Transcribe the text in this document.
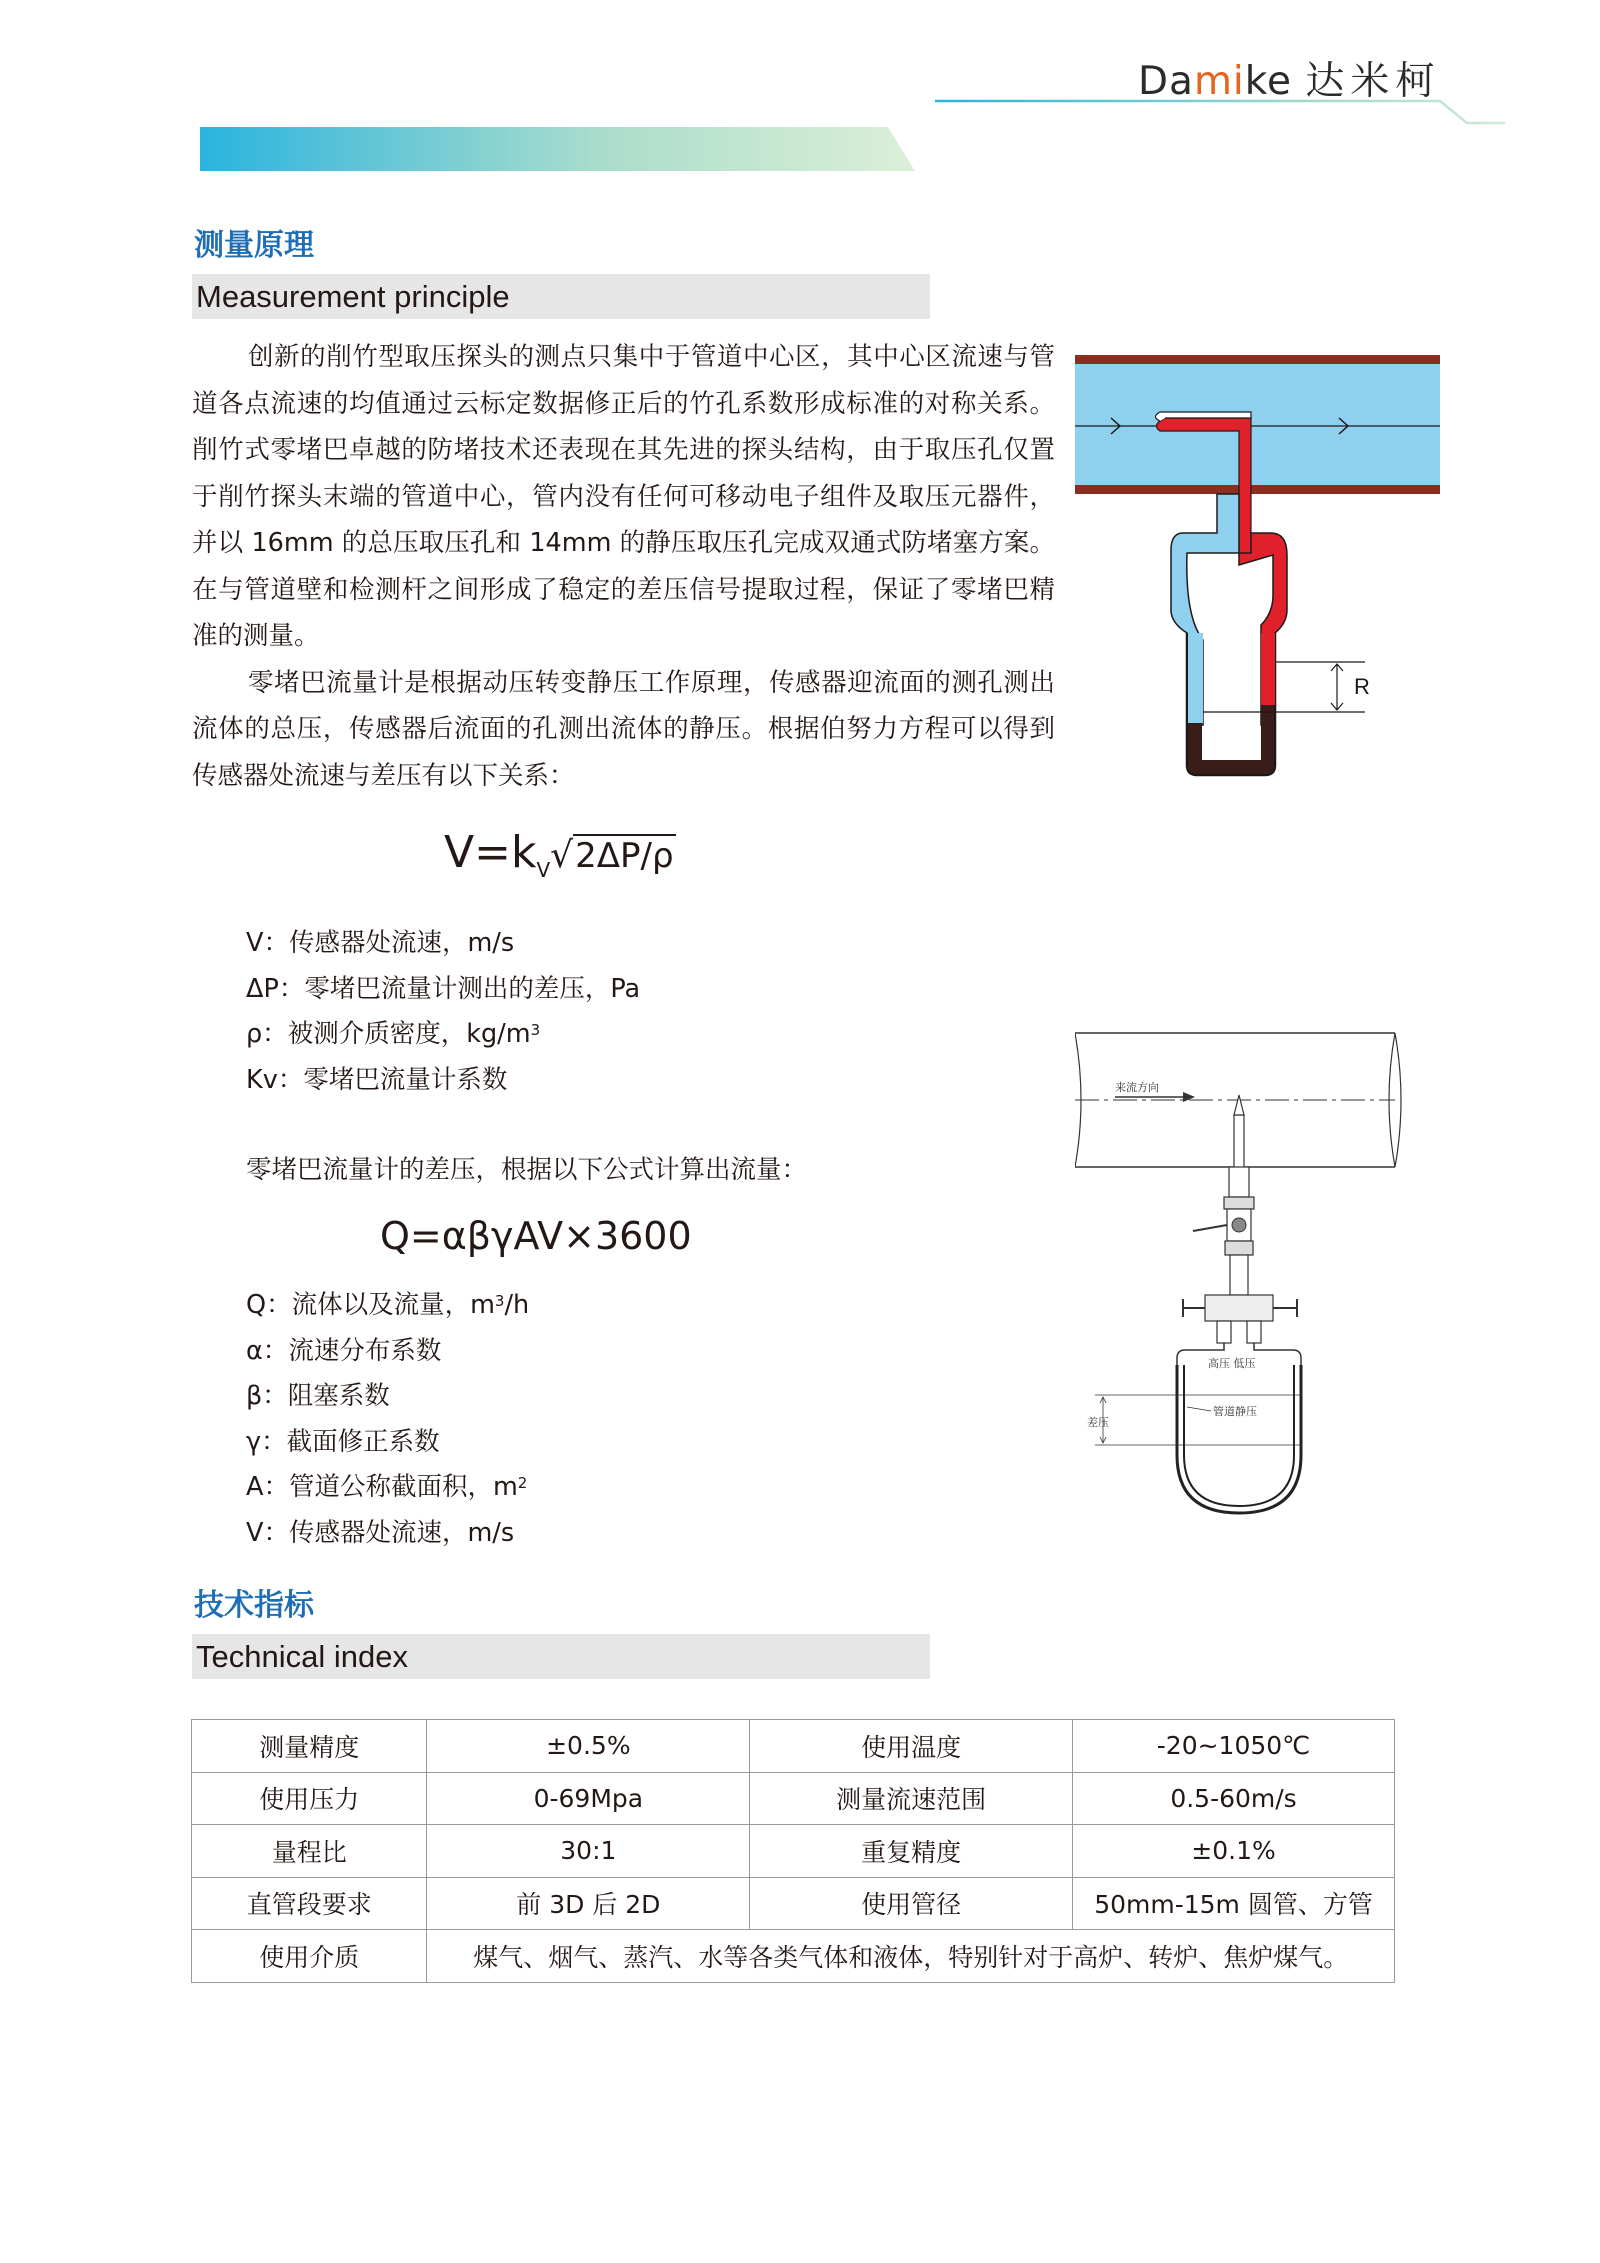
Damike 达米柯
测量原理
Measurement principle

创新的削竹型取压探头的测点只集中于管道中心区，其中心区流速与管道各点流速的均值通过云标定数据修正后的竹孔系数形成标准的对称关系。削竹式零堵巴卓越的防堵技术还表现在其先进的探头结构，由于取压孔仅置于削竹探头末端的管道中心，管内没有任何可移动电子组件及取压元器件，并以 16mm 的总压取压孔和 14mm 的静压取压孔完成双通式防堵塞方案。在与管道壁和检测杆之间形成了稳定的差压信号提取过程，保证了零堵巴精准的测量。

零堵巴流量计是根据动压转变静压工作原理，传感器迎流面的测孔测出流体的总压，传感器后流面的孔测出流体的静压。根据伯努力方程可以得到传感器处流速与差压有以下关系：

$V=k_V√2\Delta P/\rho$
V：传感器处流速，m/s
ΔP：零堵巴流量计测出的差压，Pa
ρ：被测介质密度，$kg/m^3$
Kv：零堵巴流量计系数
零堵巴流量计的差压，根据以下公式计算出流量：
Q=αβγAV×3600
Q：流体以及流量，$m^3/h$
α：流速分布系数
β：阻塞系数
γ：截面修正系数
A：管道公称截面积，$m^2$
V：传感器处流速，m/s
R
来流方向
高压 低压
差压
管道静压
技术指标
Technical index
测量精度	±0.5%	使用温度	-20~1050℃
使用压力	0-69Mpa	测量流速范围	0.5-60m/s
量程比	30:1	重复精度	±0.1%
直管段要求	前 3D 后 2D	使用管径	50mm-15m 圆管、方管
使用介质	煤气、烟气、蒸汽、水等各类气体和液体，特别针对于高炉、转炉、焦炉煤气。		
